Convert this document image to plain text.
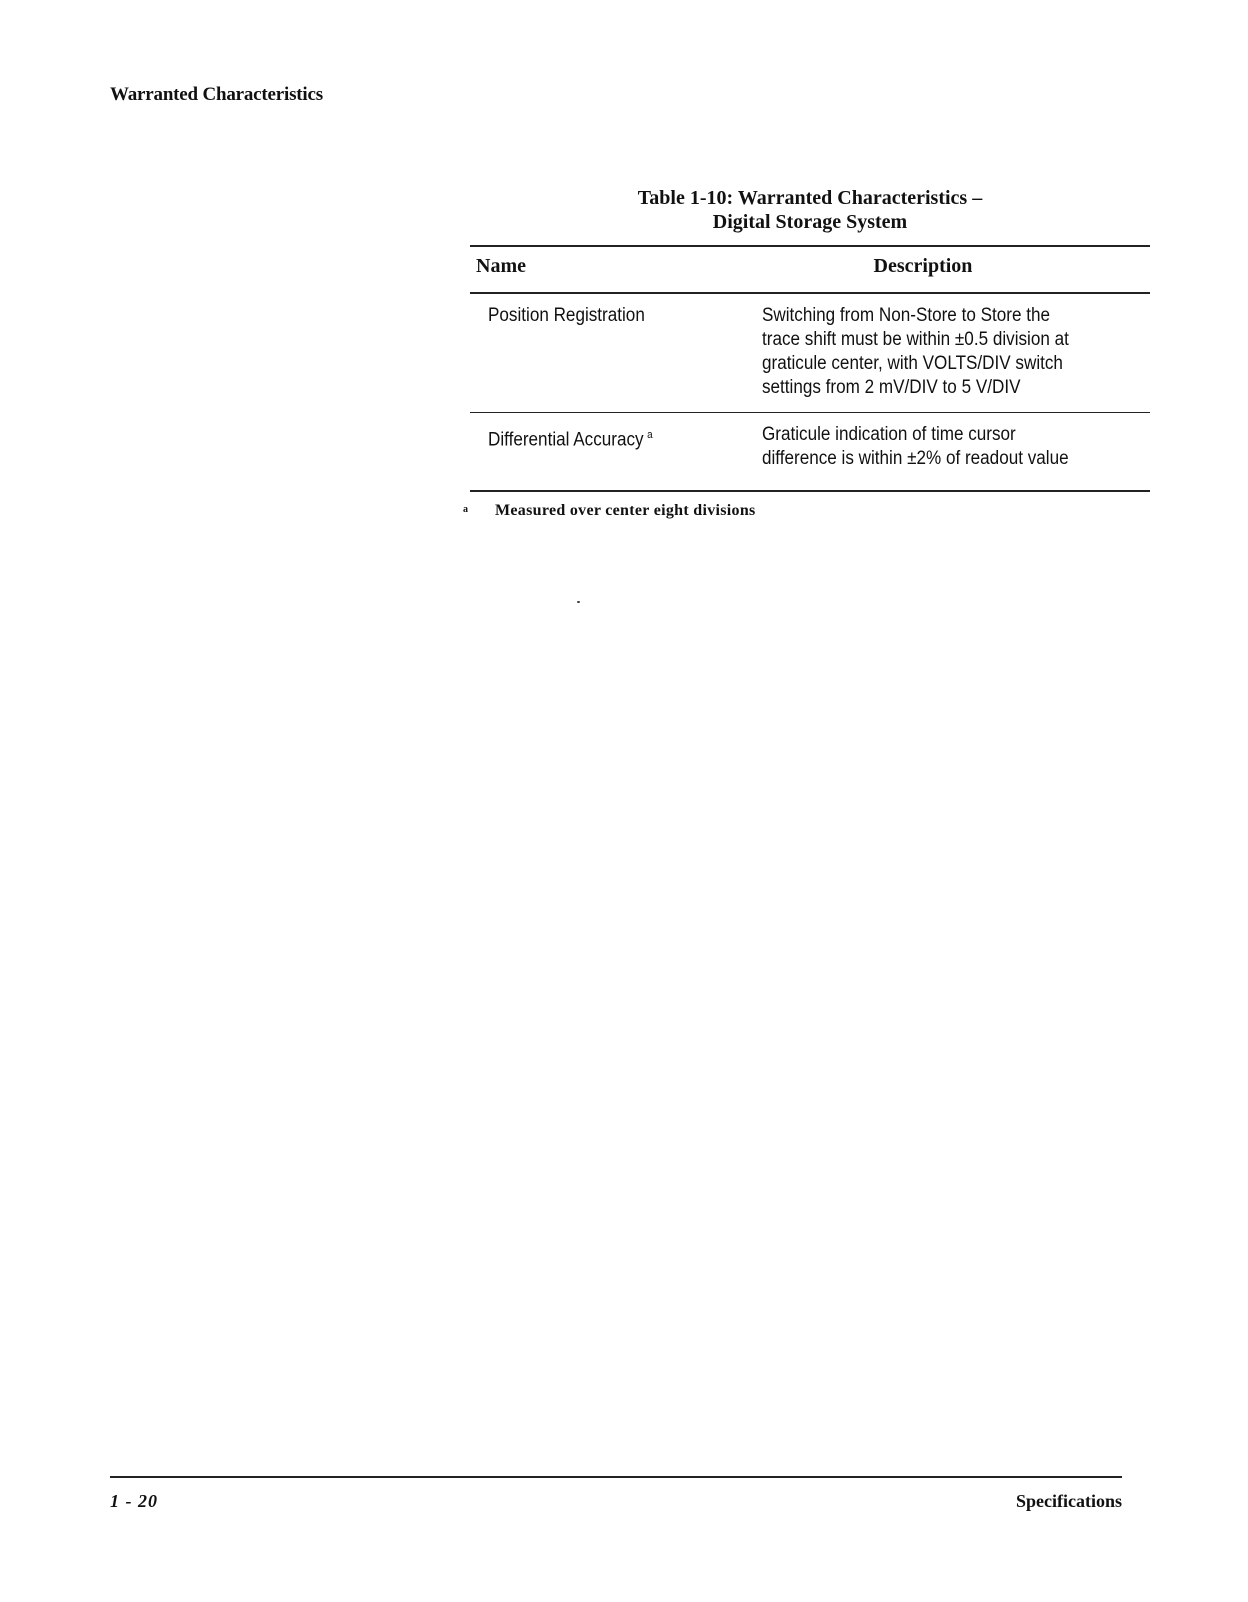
Warranted Characteristics
Table 1-10: Warranted Characteristics –
Digital Storage System
Name	Description
Position Registration	Switching from Non-Store to Store the
trace shift must be within ±0.5 division at
graticule center, with VOLTS/DIV switch
settings from 2 mV/DIV to 5 V/DIV
Differential Accuracy $^a$	Graticule indication of time cursor
difference is within ±2% of readout value
a Measured over center eight divisions
1 - 20	Specifications
